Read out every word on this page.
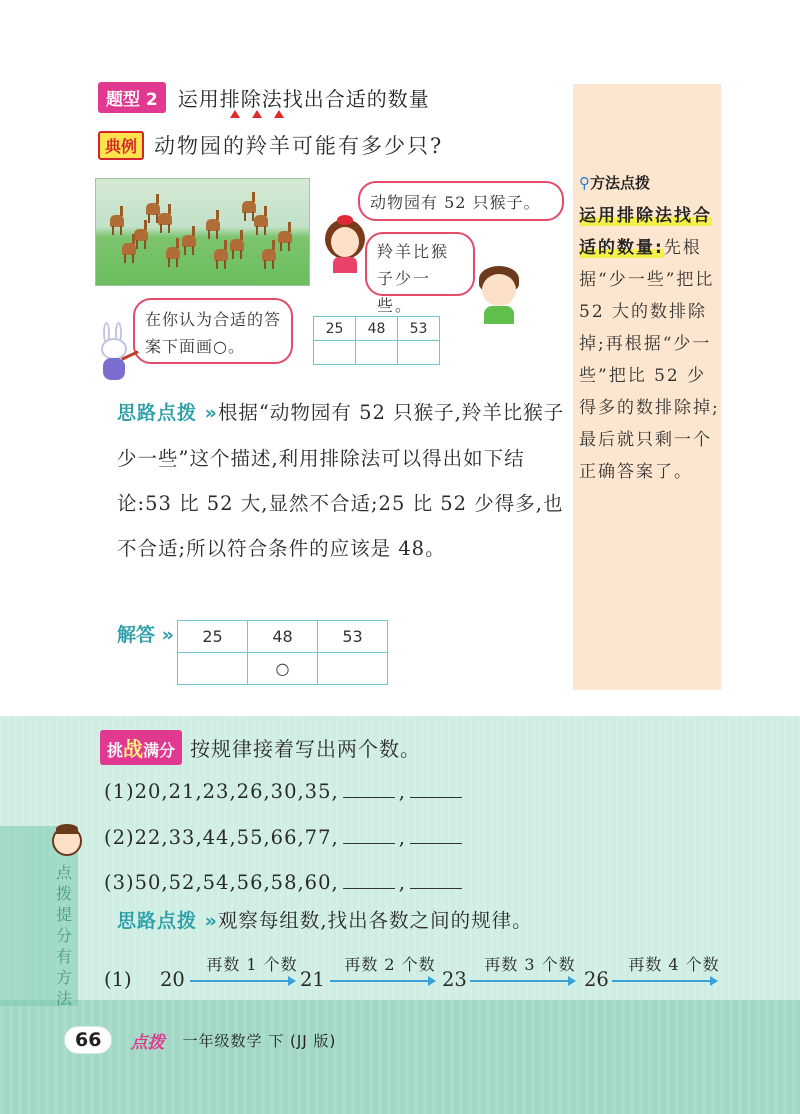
题型 2	运用排除法找出合适的数量
典例 动物园的羚羊可能有多少只?
动物园有 52 只猴子。
羚羊比猴子少一些。
在你认为合适的答案下面画○。
25	48	53

思路点拨 »根据“动物园有 52 只猴子,羚羊比猴子少一些”这个描述,利用排除法可以得出如下结论:53 比 52 大,显然不合适;25 比 52 少得多,也不合适;所以符合条件的应该是 48。
解答 » 25	48	53
	○	
⚲方法点拨
运用排除法找合适的数量:先根据“少一些”把比 52 大的数排除掉;再根据“少一些”把比 52 少得多的数排除掉;最后就只剩一个正确答案了。
点拨提分有方法
挑战满分 按规律接着写出两个数。
(1)20,21,23,26,30,35,	,
(2)22,33,44,55,66,77,	,
(3)50,52,54,56,58,60,	,
思路点拨 »观察每组数,找出各数之间的规律。
(1) 20
再数 1 个数
21
再数 2 个数
23
再数 3 个数
26
再数 4 个数
66	点拨 一年级数学 下 (JJ 版)
